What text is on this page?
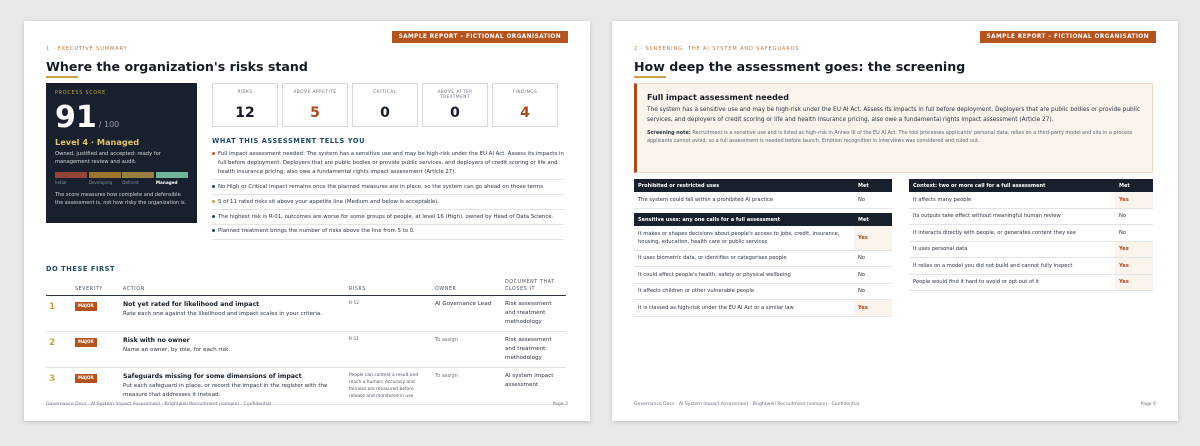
SAMPLE REPORT – FICTIONAL ORGANISATION
1 · EXECUTIVE SUMMARY
Where the organization's risks stand
PROCESS SCORE
91 / 100
Level 4 · Managed
Owned, justified and accepted: ready for management review and audit.
Initial	Developing	Defined	Managed
The score measures how complete and defensible the assessment is, not how risky the organization is.
RISKS
12
ABOVE APPETITE
5
CRITICAL
0
ABOVE AFTER TREATMENT
0
FINDINGS
4
WHAT THIS ASSESSMENT TELLS YOU
Full impact assessment needed: The system has a sensitive use and may be high-risk under the EU AI Act. Assess its impacts in full before deployment. Deployers that are public bodies or provide public services, and deployers of credit scoring or life and health insurance pricing, also owe a fundamental rights impact assessment (Article 27).
No High or Critical impact remains once the planned measures are in place, so the system can go ahead on those terms.
5 of 11 rated risks sit above your appetite line (Medium and below is acceptable).
The highest risk is R-01, outcomes are worse for some groups of people, at level 16 (High), owned by Head of Data Science.
Planned treatment brings the number of risks above the line from 5 to 0.
DO THESE FIRST
	SEVERITY	ACTION	RISKS	OWNER	DOCUMENT THAT CLOSES IT
1	MAJOR	Not yet rated for likelihood and impact
Rate each one against the likelihood and impact scales in your criteria.	R-12	AI Governance Lead	Risk assessment and treatment methodology
2	MAJOR	Risk with no owner
Name an owner, by role, for each risk.	R-11	To assign	Risk assessment and treatment methodology
3	MAJOR	Safeguards missing for some dimensions of impact
Put each safeguard in place, or record the impact in the register with the measure that addresses it instead.	People can contest a result and reach a human; Accuracy and fairness are measured before release and monitored in use	To assign	AI system impact assessment
Governance Docs · AI System Impact Assessment · Brightwell Recruitment (sample) · Confidential	Page 2
SAMPLE REPORT – FICTIONAL ORGANISATION
2 · SCREENING, THE AI SYSTEM AND SAFEGUARDS
How deep the assessment goes: the screening
Full impact assessment needed
The system has a sensitive use and may be high-risk under the EU AI Act. Assess its impacts in full before deployment. Deployers that are public bodies or provide public services, and deployers of credit scoring or life and health insurance pricing, also owe a fundamental rights impact assessment (Article 27).
Screening note: Recruitment is a sensitive use and is listed as high-risk in Annex III of the EU AI Act. The tool processes applicants' personal data, relies on a third-party model and sits in a process applicants cannot avoid, so a full assessment is needed before launch. Emotion recognition in interviews was considered and ruled out.
Prohibited or restricted uses	Met
The system could fall within a prohibited AI practice	No
Sensitive uses: any one calls for a full assessment	Met
It makes or shapes decisions about people's access to jobs, credit, insurance, housing, education, health care or public services	Yes
It uses biometric data, or identifies or categorises people	No
It could affect people's health, safety or physical wellbeing	No
It affects children or other vulnerable people	No
It is classed as high-risk under the EU AI Act or a similar law	Yes
Context: two or more call for a full assessment	Met
It affects many people	Yes
Its outputs take effect without meaningful human review	No
It interacts directly with people, or generates content they see	No
It uses personal data	Yes
It relies on a model you did not build and cannot fully inspect	Yes
People would find it hard to avoid or opt out of it	Yes
Governance Docs · AI System Impact Assessment · Brightwell Recruitment (sample) · Confidential	Page 6
